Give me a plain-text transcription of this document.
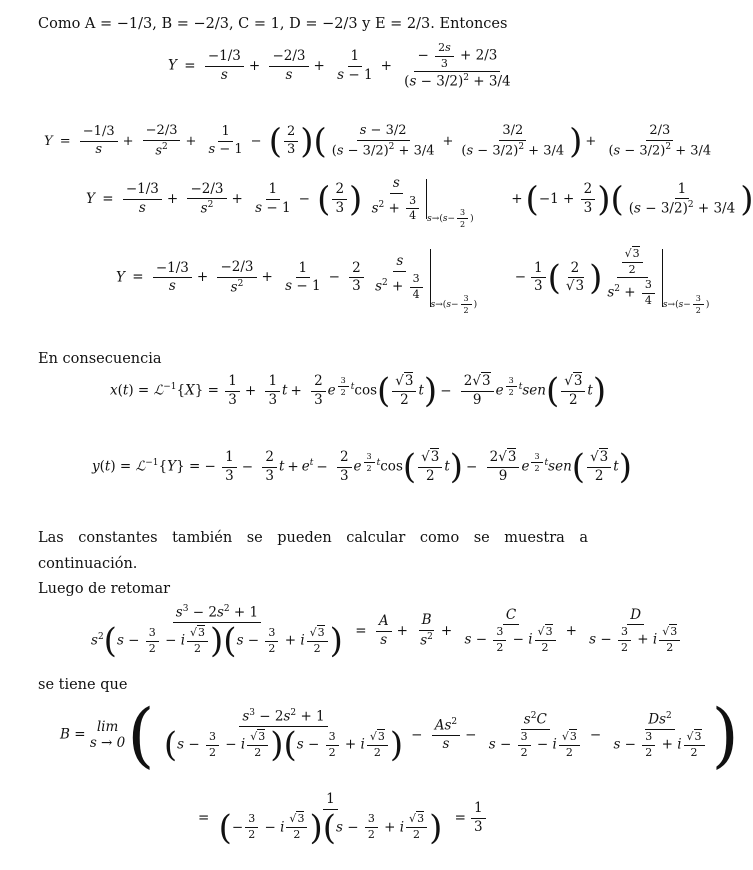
Como A = −1/3, B = −2/3, C = 1, D = −2/3 y E = 2/3. Entonces

$Y = \frac{-1/3}{s} + \frac{-2/3}{s} + \frac{1}{s - 1} + \frac{- \frac{2s}{3} + 2/3}{(s - 3/2)^2 + 3/4}$
$Y = \frac{-1/3}{s} + \frac{-2/3}{s^2} + \frac{1}{s - 1}$ − ( $\frac{2}{3}$ )( $\frac{s - 3/2}{(s - 3/2)^2 + 3/4} + \frac{3/2}{(s - 3/2)^2 + 3/4}$ ) + $\frac{2/3}{(s - 3/2)^2 + 3/4}$
$Y = \frac{-1/3}{s} + \frac{-2/3}{s^2} + \frac{1}{s - 1}$ − ( $\frac{2}{3}$ ) $\frac{s}{s^2 + \frac{3}{4}} _{s\to(s- \frac{3}{2} )} +(-1 + \frac{2}{3}$ )( $\frac{1}{(s - 3/2)^2 + 3/4}$ )
$Y = \frac{-1/3}{s} + \frac{-2/3}{s^2} + \frac{1}{s - 1} - \frac{2}{3}$
$\frac{s}{s^2 + \frac{3}{4}}$
$_{s\to(s- \frac{3}{2} )} - \frac{1}{3}$ ( $\frac{2}{√3}$ ) $\frac{\frac{√3}{2}}{s^2 + \frac{3}{4}} _{s\to(s- \frac{3}{2} )}$

En consecuencia

x(t) = ℒ$^{-1}${X} = $\frac{1}{3} + \frac{1}{3}$ $t + \frac{2}{3}$ e $^{\frac{3}{2} t}\cos( \frac{√3}{2} t) - \frac{2√3}{9}$ e $^{\frac{3}{2} t}sen( \frac{√3}{2} t)$
y(t) = ℒ$^{-1}${Y} = − $\frac{1}{3} - \frac{2}{3}$ $t + e^t - \frac{2}{3}$ e $^{\frac{3}{2} t}\cos( \frac{√3}{2} t) - \frac{2√3}{9}$ e $^{\frac{3}{2} t}sen( \frac{√3}{2} t)$

Las constantes también se pueden calcular como se muestra a

continuación.

Luego de retomar

$\frac{s^3 - 2s^2 + 1}{s^2(s - \frac{3}{2} - i \frac{√3}{2} )(s - \frac{3}{2} + i \frac{√3}{2} )} = \frac{A}{s} + \frac{B}{s^2} + \frac{C}{s - \frac{3}{2} - i \frac{√3}{2}} + \frac{D}{s - \frac{3}{2} + i \frac{√3}{2}}$

se tiene que

B = lim
s → 0 ( $\frac{s^3 - 2s^2 + 1}{(s - \frac{3}{2} - i \frac{√3}{2} )(s - \frac{3}{2} + i \frac{√3}{2} )} - \frac{As^2}{s} - \frac{s^2C}{s - \frac{3}{2} - i \frac{√3}{2}} - \frac{Ds^2}{s - \frac{3}{2} + i \frac{√3}{2}}$ )
= $\frac{1}{(- \frac{3}{2} - i \frac{√3}{2} )(s - \frac{3}{2} + i \frac{√3}{2} )} = \frac{1}{3}$
